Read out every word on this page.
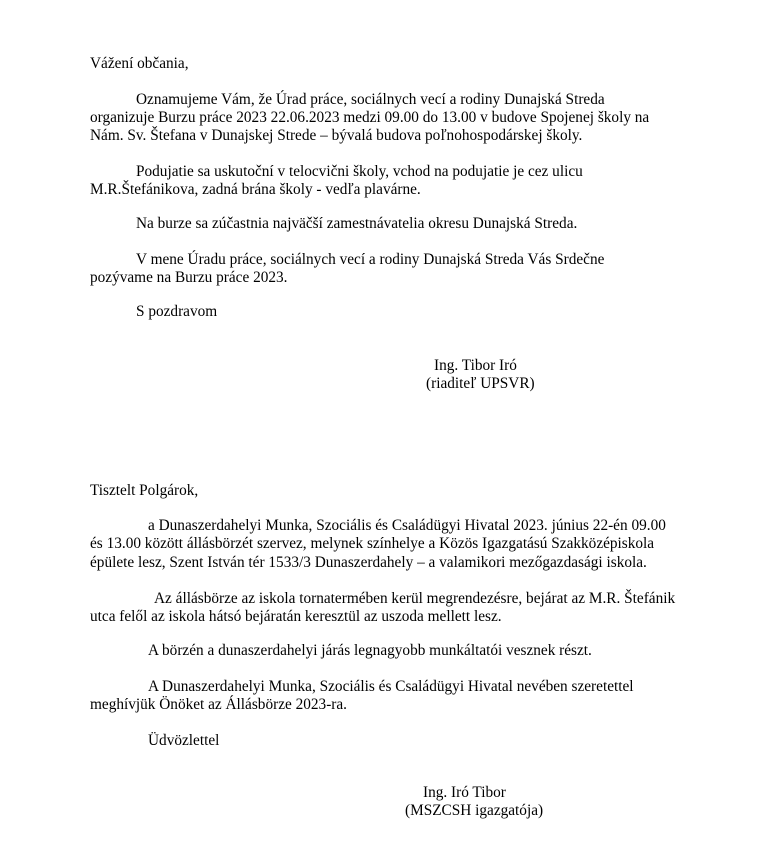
Vážení občania,
Oznamujeme Vám, že Úrad práce, sociálnych vecí a rodiny Dunajská Streda
organizuje Burzu práce 2023 22.06.2023 medzi 09.00 do 13.00 v budove Spojenej školy na
Nám. Sv. Štefana v Dunajskej Strede – bývalá budova poľnohospodárskej školy.
Podujatie sa uskutoční v telocvični školy, vchod na podujatie je cez ulicu
M.R.Štefánikova, zadná brána školy - vedľa plavárne.
Na burze sa zúčastnia najväčší zamestnávatelia okresu Dunajská Streda.
V mene Úradu práce, sociálnych vecí a rodiny Dunajská Streda Vás Srdečne
pozývame na Burzu práce 2023.
S pozdravom
Ing. Tibor Iró
(riaditeľ UPSVR)
Tisztelt Polgárok,
a Dunaszerdahelyi Munka, Szociális és Családügyi Hivatal 2023. június 22-én 09.00
és 13.00 között állásbörzét szervez, melynek színhelye a Közös Igazgatású Szakközépiskola
épülete lesz, Szent István tér 1533/3 Dunaszerdahely – a valamikori mezőgazdasági iskola.
Az állásbörze az iskola tornatermében kerül megrendezésre, bejárat az M.R. Štefánik
utca felől az iskola hátsó bejáratán keresztül az uszoda mellett lesz.
A börzén a dunaszerdahelyi járás legnagyobb munkáltatói vesznek részt.
A Dunaszerdahelyi Munka, Szociális és Családügyi Hivatal nevében szeretettel
meghívjük Önöket az Állásbörze 2023-ra.
Üdvözlettel
Ing. Iró Tibor
(MSZCSH igazgatója)
